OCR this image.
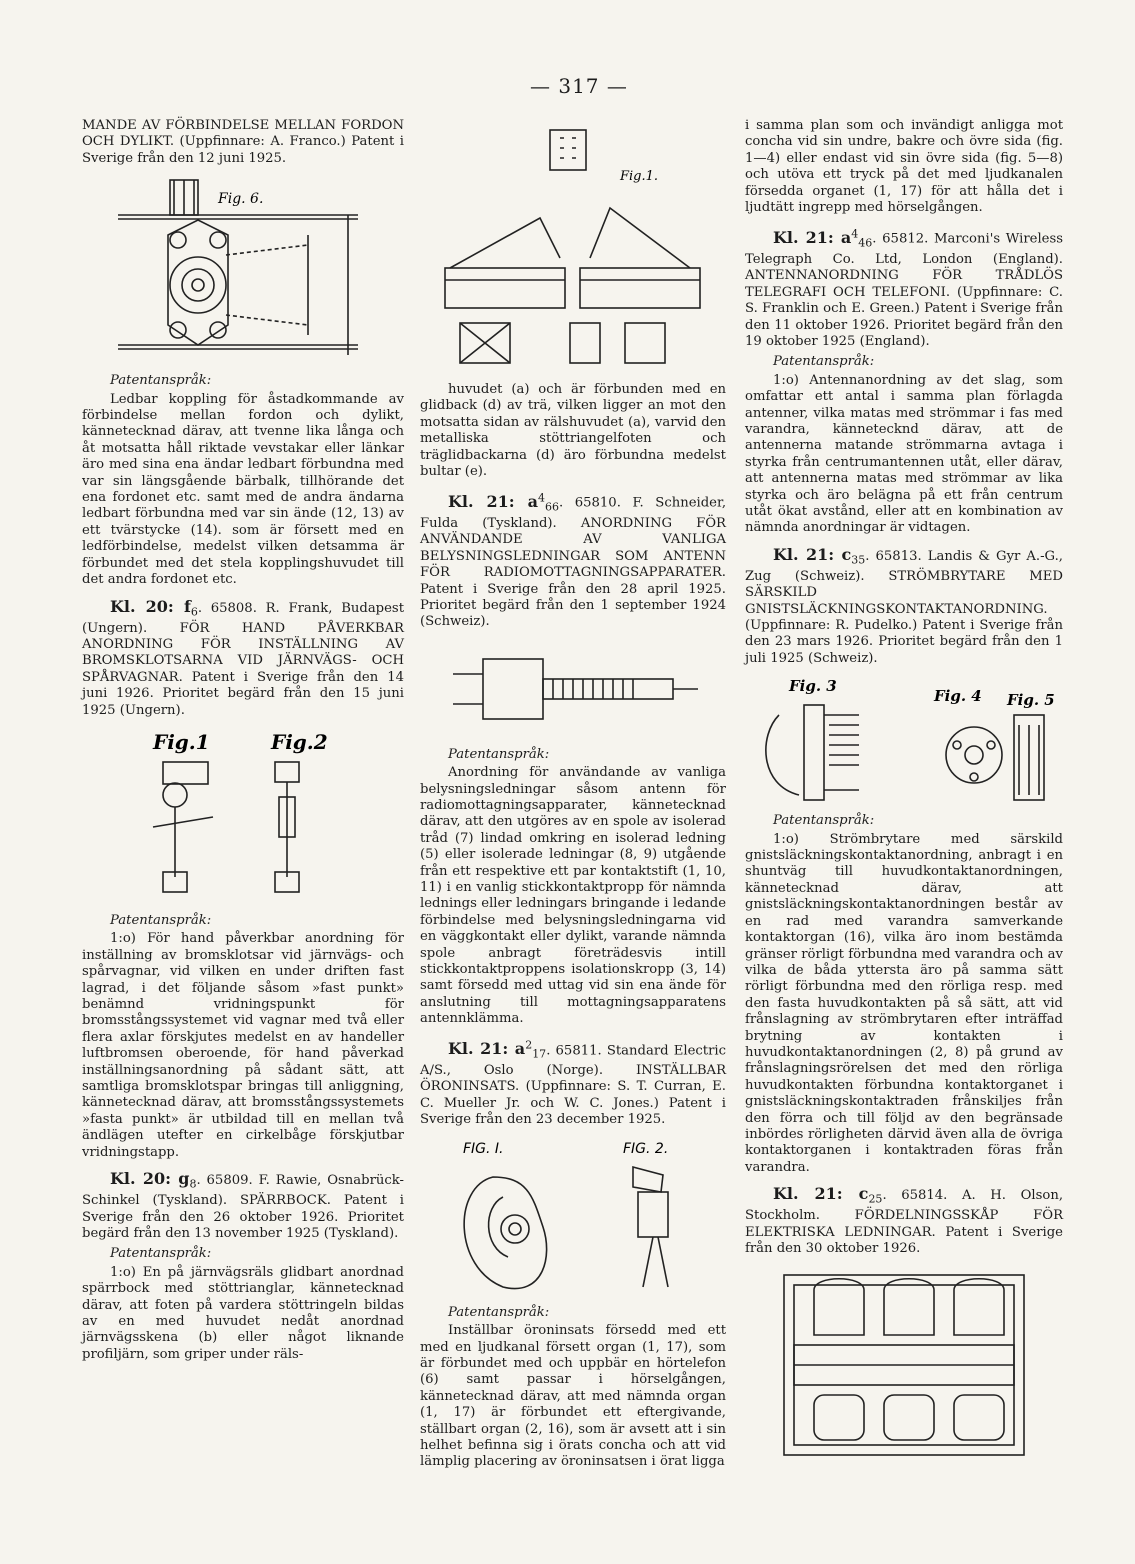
— 317 —

MANDE AV FÖRBINDELSE MELLAN FORDON OCH DYLIKT. (Uppfinnare: A. Franco.) Patent i Sverige från den 12 juni 1925.

Fig. 6.
Patentanspråk:

Ledbar koppling för åstadkommande av förbindelse mellan fordon och dylikt, kännetecknad därav, att tvenne lika långa och åt motsatta håll riktade vevstakar eller länkar äro med sina ena ändar ledbart förbundna med var sin längsgående bärbalk, tillhörande det ena fordonet etc. samt med de andra ändarna ledbart förbundna med var sin ände (12, 13) av ett tvärstycke (14). som är försett med en ledförbindelse, medelst vilken detsamma är förbundet med det stela kopplingshuvudet till det andra fordonet etc.

Kl. 20: $f_6$. 65808. R. Frank, Budapest (Ungern). FÖR HAND PÅVERKBAR ANORDNING FÖR INSTÄLLNING AV BROMSKLOTSARNA VID JÄRNVÄGS- OCH SPÅRVAGNAR. Patent i Sverige från den 14 juni 1926. Prioritet begärd från den 15 juni 1925 (Ungern).

Fig.1	Fig.2
Patentanspråk:

1:o) För hand påverkbar anordning för inställning av bromsklotsar vid järnvägs- och spårvagnar, vid vilken en under driften fast lagrad, i det följande såsom »fast punkt» benämnd vridningspunkt för bromsstångssystemet vid vagnar med två eller flera axlar förskjutes medelst en av handeller luftbromsen oberoende, för hand påverkad inställningsanordning på sådant sätt, att samtliga bromsklotspar bringas till anliggning, kännetecknad därav, att bromsstångssystemets »fasta punkt» är utbildad till en mellan två ändlägen utefter en cirkelbåge förskjutbar vridningstapp.

Kl. 20: $g_8$. 65809. F. Rawie, Osnabrück-Schinkel (Tyskland). SPÄRRBOCK. Patent i Sverige från den 26 oktober 1926. Prioritet begärd från den 13 november 1925 (Tyskland).

Patentanspråk:

1:o) En på järnvägsräls glidbart anordnad spärrbock med stöttrianglar, kännetecknad därav, att foten på vardera stöttringeln bildas av en med huvudet nedåt anordnad järnvägsskena (b) eller något liknande profiljärn, som griper under räls-

Fig.1.

huvudet (a) och är förbunden med en glidback (d) av trä, vilken ligger an mot den motsatta sidan av rälshuvudet (a), varvid den metalliska stöttriangelfoten och träglidbackarna (d) äro förbundna medelst bultar (e).

Kl. 21: $a^4_{66}$. 65810. F. Schneider, Fulda (Tyskland). ANORDNING FÖR ANVÄNDANDE AV VANLIGA BELYSNINGSLEDNINGAR SOM ANTENN FÖR RADIOMOTTAGNINGSAPPARATER. Patent i Sverige från den 28 april 1925. Prioritet begärd från den 1 september 1924 (Schweiz).

Patentanspråk:

Anordning för användande av vanliga belysningsledningar såsom antenn för radiomottagningsapparater, kännetecknad därav, att den utgöres av en spole av isolerad tråd (7) lindad omkring en isolerad ledning (5) eller isolerade ledningar (8, 9) utgående från ett respektive ett par kontaktstift (1, 10, 11) i en vanlig stickkontaktpropp för nämnda lednings eller ledningars bringande i ledande förbindelse med belysningsledningarna vid en väggkontakt eller dylikt, varande nämnda spole anbragt företrädesvis intill stickkontaktproppens isolationskropp (3, 14) samt försedd med uttag vid sin ena ände för anslutning till mottagningsapparatens antennklämma.

Kl. 21: $a^2_{17}$. 65811. Standard Electric A/S., Oslo (Norge). INSTÄLLBAR ÖRONINSATS. (Uppfinnare: S. T. Curran, E. C. Mueller Jr. och W. C. Jones.) Patent i Sverige från den 23 december 1925.

FIG. I.	FIG. 2.
Patentanspråk:

Inställbar öroninsats försedd med ett med en ljudkanal försett organ (1, 17), som är förbundet med och uppbär en hörtelefon (6) samt passar i hörselgången, kännetecknad därav, att med nämnda organ (1, 17) är förbundet ett eftergivande, ställbart organ (2, 16), som är avsett att i sin helhet befinna sig i örats concha och att vid lämplig placering av öroninsatsen i örat ligga

i samma plan som och invändigt anligga mot concha vid sin undre, bakre och övre sida (fig. 1—4) eller endast vid sin övre sida (fig. 5—8) och utöva ett tryck på det med ljudkanalen försedda organet (1, 17) för att hålla det i ljudtätt ingrepp med hörselgången.

Kl. 21: $a^4_{46}$. 65812. Marconi's Wireless Telegraph Co. Ltd, London (England). ANTENNANORDNING FÖR TRÅDLÖS TELEGRAFI OCH TELEFONI. (Uppfinnare: C. S. Franklin och E. Green.) Patent i Sverige från den 11 oktober 1926. Prioritet begärd från den 19 oktober 1925 (England).

Patentanspråk:

1:o) Antennanordning av det slag, som omfattar ett antal i samma plan förlagda antenner, vilka matas med strömmar i fas med varandra, kännetecknd därav, att de antennerna matande strömmarna avtaga i styrka från centrumantennen utåt, eller därav, att antennerna matas med strömmar av lika styrka och äro belägna på ett från centrum utåt ökat avstånd, eller att en kombination av nämnda anordningar är vidtagen.

Kl. 21: $c_{35}$. 65813. Landis & Gyr A.-G., Zug (Schweiz). STRÖMBRYTARE MED SÄRSKILD GNISTSLÄCKNINGSKONTAKTANORDNING. (Uppfinnare: R. Pudelko.) Patent i Sverige från den 23 mars 1926. Prioritet begärd från den 1 juli 1925 (Schweiz).

Fig. 3
Fig. 4 Fig. 5
Patentanspråk:

1:o) Strömbrytare med särskild gnistsläckningskontaktanordning, anbragt i en shuntväg till huvudkontaktanordningen, kännetecknad därav, att gnistsläckningskontaktanordningen består av en rad med varandra samverkande kontaktorgan (16), vilka äro inom bestämda gränser rörligt förbundna med varandra och av vilka de båda yttersta äro på samma sätt rörligt förbundna med den rörliga resp. med den fasta huvudkontakten på så sätt, att vid frånslagning av strömbrytaren efter inträffad brytning av kontakten i huvudkontaktanordningen (2, 8) på grund av frånslagningsrörelsen det med den rörliga huvudkontakten förbundna kontaktorganet i gnistsläckningskontaktraden frånskiljes från den förra och till följd av den begränsade inbördes rörligheten därvid även alla de övriga kontaktorganen i kontaktraden föras från varandra.

Kl. 21: $c_{25}$. 65814. A. H. Olson, Stockholm. FÖRDELNINGSSKÅP FÖR ELEKTRISKA LEDNINGAR. Patent i Sverige från den 30 oktober 1926.
